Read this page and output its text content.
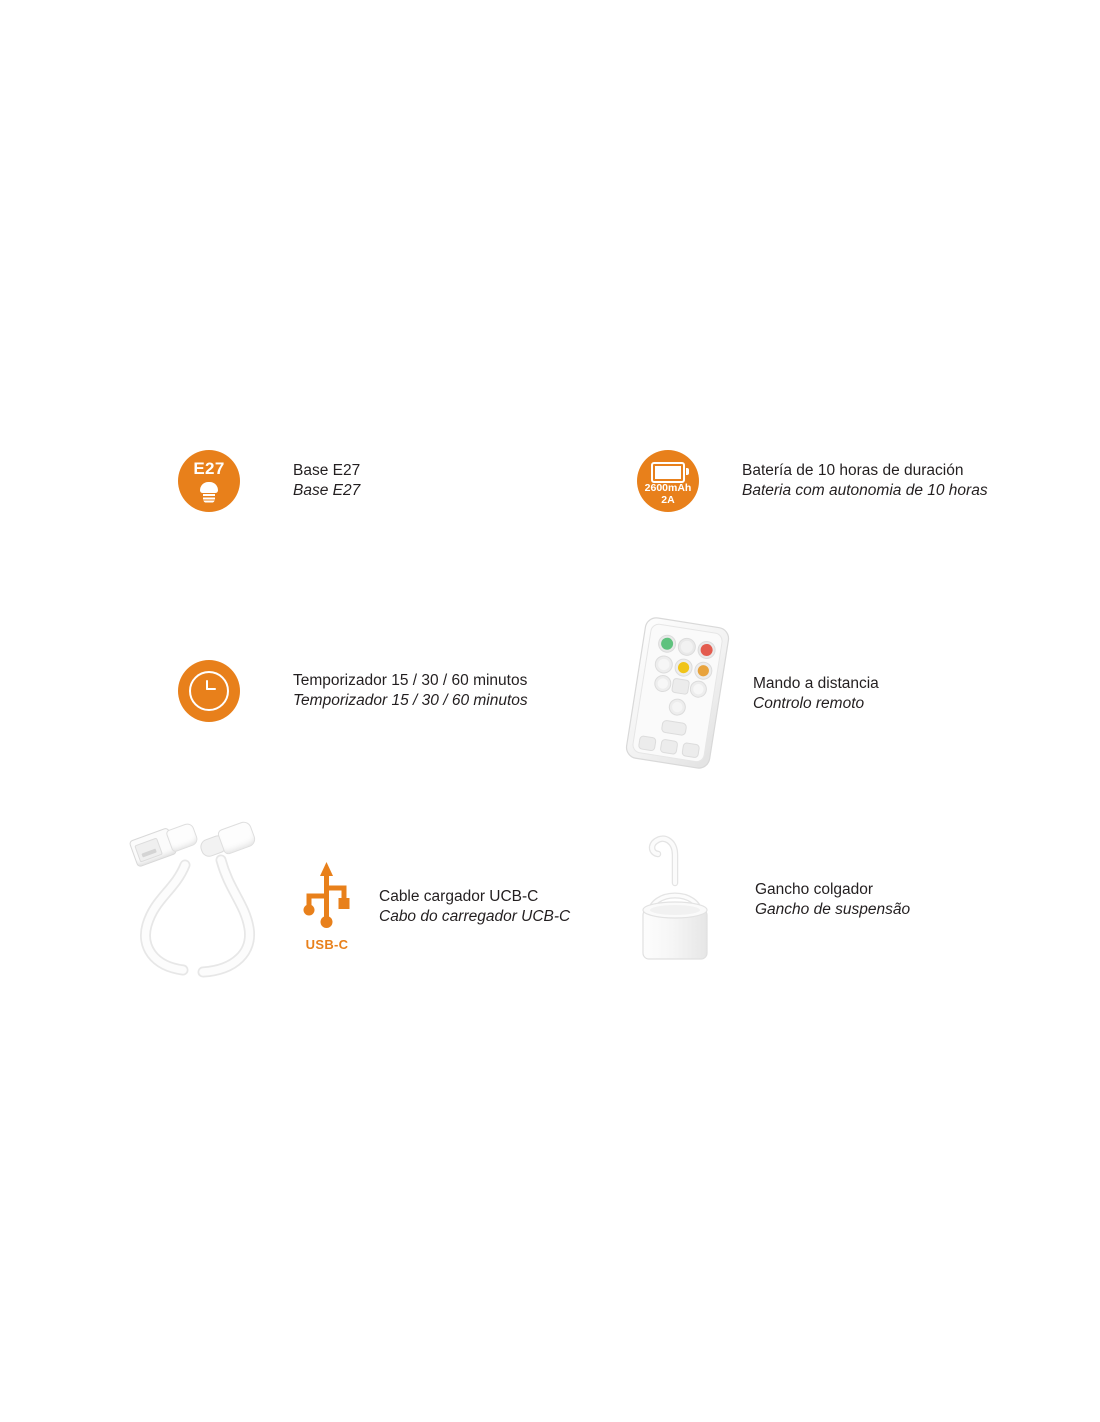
E27	Base E27
Base E27	2600mAh
2A
Batería de 10 horas de duración
Bateria com autonomia de 10 horas
Temporizador 15 / 30 / 60 minutos
Temporizador 15 / 30 / 60 minutos
Mando a distancia
Controlo remoto
USB-C
Cable cargador UCB-C
Cabo do carregador UCB-C
Gancho colgador
Gancho de suspensão
